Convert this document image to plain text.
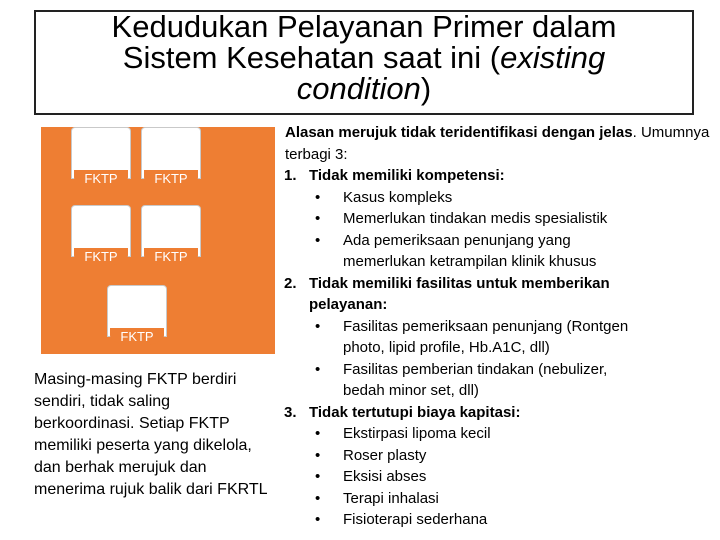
Kedudukan Pelayanan Primer dalam
Sistem Kesehatan saat ini (existing
condition)
FKTP	FKTP
FKTP	FKTP
FKTP
Masing-masing FKTP berdiri sendiri, tidak saling berkoordinasi. Setiap FKTP memiliki peserta yang dikelola, dan berhak merujuk dan menerima rujuk balik dari FKRTL
Alasan merujuk tidak teridentifikasi dengan jelas. Umumnya terbagi 3:
1. Tidak memiliki kompetensi:
• Kasus kompleks
• Memerlukan tindakan medis spesialistik
• Ada pemeriksaan penunjang yang
memerlukan ketrampilan klinik khusus
2. Tidak memiliki fasilitas untuk memberikan
pelayanan:
• Fasilitas pemeriksaan penunjang (Rontgen
photo, lipid profile, Hb.A1C, dll)
• Fasilitas pemberian tindakan (nebulizer,
bedah minor set, dll)
3. Tidak tertutupi biaya kapitasi:
• Ekstirpasi lipoma kecil
• Roser plasty
• Eksisi abses
• Terapi inhalasi
• Fisioterapi sederhana
